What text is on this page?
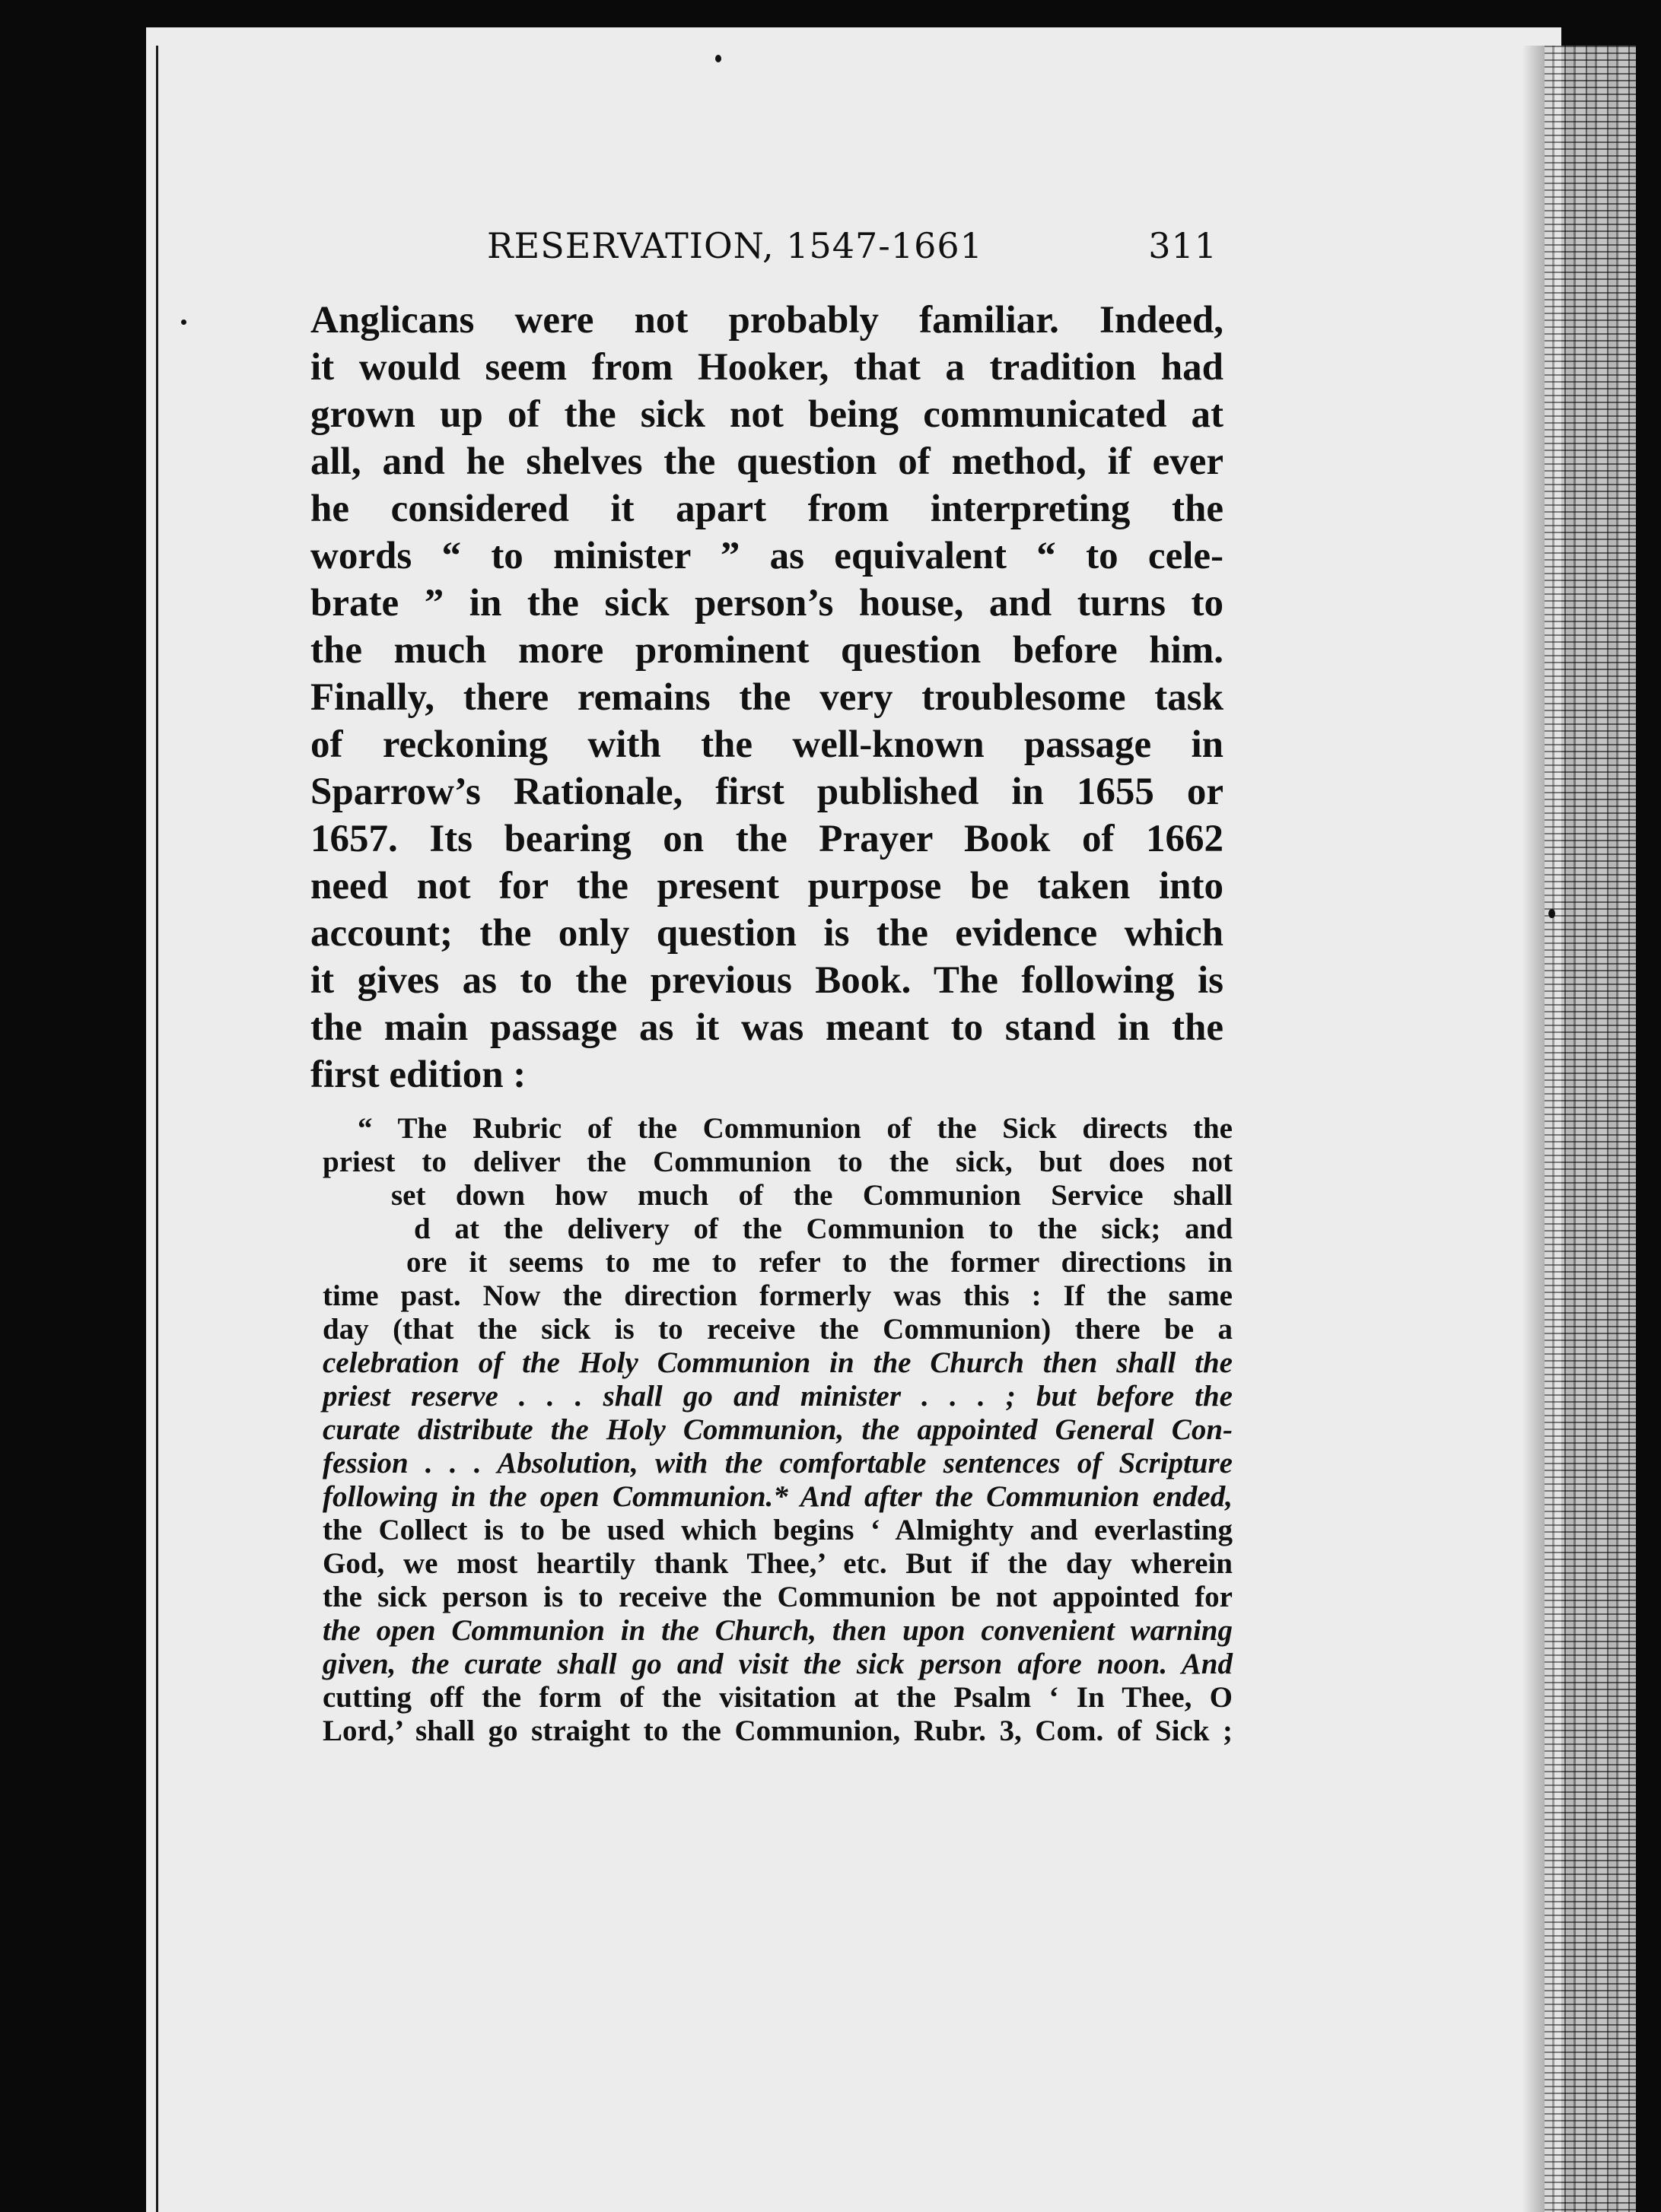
RESERVATION, 1547-1661	311
Anglicans were not probably familiar. Indeed,
it would seem from Hooker, that a tradition had
grown up of the sick not being communicated at
all, and he shelves the question of method, if ever
he considered it apart from interpreting the
words “ to minister ” as equivalent “ to cele-
brate ” in the sick person’s house, and turns to
the much more prominent question before him.
Finally, there remains the very troublesome task
of reckoning with the well-known passage in
Sparrow’s Rationale, first published in 1655 or
1657. Its bearing on the Prayer Book of 1662
need not for the present purpose be taken into
account; the only question is the evidence which
it gives as to the previous Book. The following is
the main passage as it was meant to stand in the
first edition :
“ The Rubric of the Communion of the Sick directs the
priest to deliver the Communion to the sick, but does not
set down how much of the Communion Service shall
d at the delivery of the Communion to the sick; and
ore it seems to me to refer to the former directions in
time past. Now the direction formerly was this : If the same
day (that the sick is to receive the Communion) there be a
celebration of the Holy Communion in the Church then shall the
priest reserve . . . shall go and minister . . . ; but before the
curate distribute the Holy Communion, the appointed General Con-
fession . . . Absolution, with the comfortable sentences of Scripture
following in the open Communion.* And after the Communion ended,
the Collect is to be used which begins ‘ Almighty and everlasting
God, we most heartily thank Thee,’ etc. But if the day wherein
the sick person is to receive the Communion be not appointed for
the open Communion in the Church, then upon convenient warning
given, the curate shall go and visit the sick person afore noon. And
cutting off the form of the visitation at the Psalm ‘ In Thee, O
Lord,’ shall go straight to the Communion, Rubr. 3, Com. of Sick ;
